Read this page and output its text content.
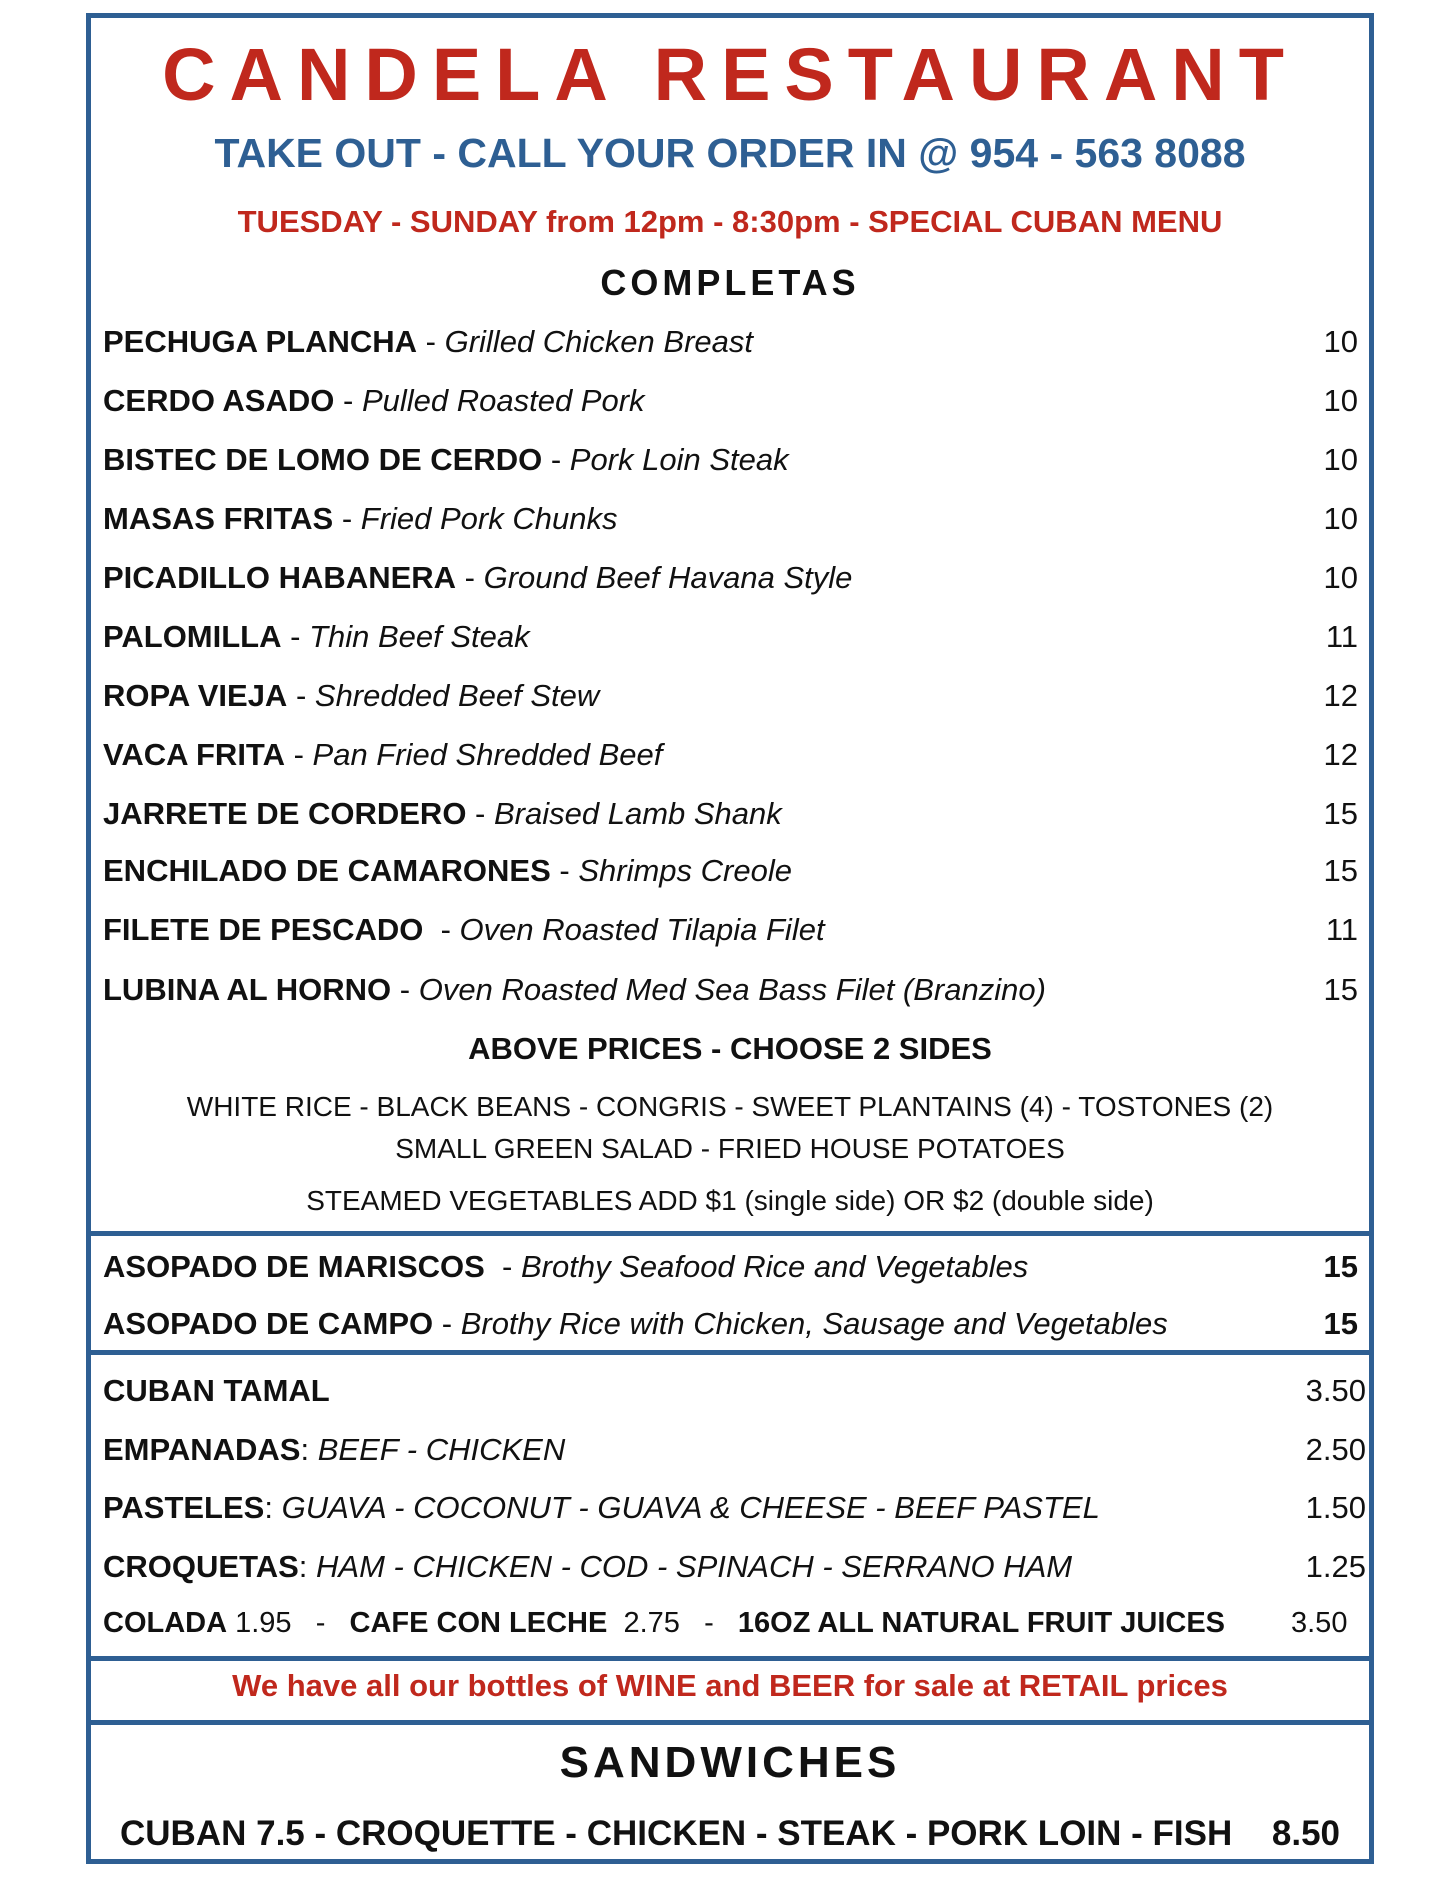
CANDELA RESTAURANT
TAKE OUT - CALL YOUR ORDER IN @ 954 - 563 8088
TUESDAY - SUNDAY from 12pm - 8:30pm - SPECIAL CUBAN MENU
COMPLETAS
PECHUGA PLANCHA - Grilled Chicken Breast	10
CERDO ASADO - Pulled Roasted Pork	10
BISTEC DE LOMO DE CERDO - Pork Loin Steak	10
MASAS FRITAS - Fried Pork Chunks	10
PICADILLO HABANERA - Ground Beef Havana Style	10
PALOMILLA - Thin Beef Steak	11
ROPA VIEJA - Shredded Beef Stew	12
VACA FRITA - Pan Fried Shredded Beef	12
JARRETE DE CORDERO - Braised Lamb Shank	15
ENCHILADO DE CAMARONES - Shrimps Creole	15
FILETE DE PESCADO  - Oven Roasted Tilapia Filet	11
LUBINA AL HORNO - Oven Roasted Med Sea Bass Filet (Branzino)	15
ABOVE PRICES - CHOOSE 2 SIDES
WHITE RICE - BLACK BEANS - CONGRIS - SWEET PLANTAINS (4) - TOSTONES (2)
SMALL GREEN SALAD - FRIED HOUSE POTATOES
STEAMED VEGETABLES ADD $1 (single side) OR $2 (double side)
ASOPADO DE MARISCOS  - Brothy Seafood Rice and Vegetables	15
ASOPADO DE CAMPO - Brothy Rice with Chicken, Sausage and Vegetables	15
CUBAN TAMAL	3.50
EMPANADAS: BEEF - CHICKEN	2.50
PASTELES: GUAVA - COCONUT - GUAVA & CHEESE - BEEF PASTEL	1.50
CROQUETAS: HAM - CHICKEN - COD - SPINACH - SERRANO HAM	1.25
COLADA 1.95   -   CAFE CON LECHE  2.75   -   16OZ ALL NATURAL FRUIT JUICES 3.50
We have all our bottles of WINE and BEER for sale at RETAIL prices
SANDWICHES
CUBAN 7.5 - CROQUETTE - CHICKEN - STEAK - PORK LOIN - FISH 8.50
